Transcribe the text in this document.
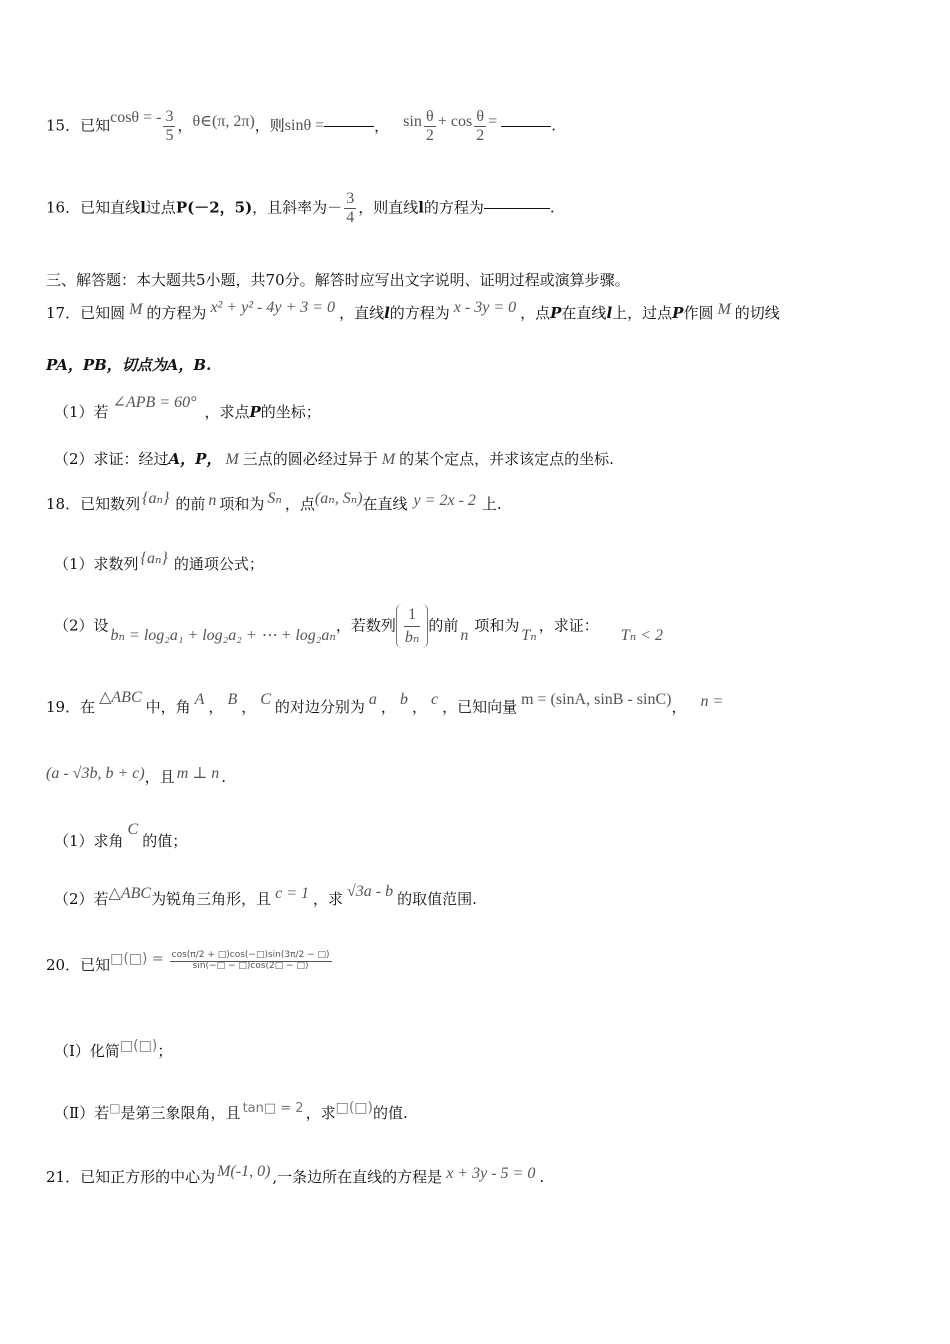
15．已知cosθ = - $\frac{3}{5}$ ，θ∈(π, 2π)，则sinθ =	， $\sin \frac{\theta}{2} + \cos \frac{\theta}{2}$ =	.
16．已知直线l过点P(－2，5)，且斜率为－ $\frac{3}{4}$ ，则直线l的方程为	.
三、解答题：本大题共5小题，共70分。解答时应写出文字说明、证明过程或演算步骤。
17．已知圆 M 的方程为 x² + y² - 4y + 3 = 0 ，直线l的方程为 x - 3y = 0 ，点P在直线l上，过点P作圆 M 的切线
PA，PB，切点为A，B.
（1）若∠APB = 60°，求点P的坐标；
（2）求证：经过A，P， M 三点的圆必经过异于 M 的某个定点，并求该定点的坐标.
18．已知数列 {aₙ} 的前 n 项和为 Sₙ ，点(aₙ, Sₙ)在直线 y = 2x - 2 上.
（1）求数列 {aₙ} 的通项公式；
（2）设bₙ = log₂a₁ + log₂a₂ + ⋯ + log₂aₙ，若数列 $\frac{1}{\text{bₙ}}$ 的前n项和为Tₙ，求证：Tₙ < 2
19．在△ABC中，角 A ， B ， C 的对边分别为 a ， b ， c ，已知向量 m = (sinA, sinB - sinC)， n =
(a - √3b, b + c)，且 m ⊥ n .
（1）求角C的值；
（2）若△ABC为锐角三角形，且 c = 1 ，求 √3a - b 的取值范围.
20．已知□(□) = $\frac{\cos(\pi/2 + □)\cos(-□)\sin(3\pi/2 - □)}{\sin(-□ - □)\cos(2□ - □)}$
（Ⅰ）化简□(□)；
（Ⅱ）若□是第三象限角，且 tan□ = 2 ，求□(□)的值.
21．已知正方形的中心为 M(-1, 0) ,一条边所在直线的方程是 x + 3y - 5 = 0 .
